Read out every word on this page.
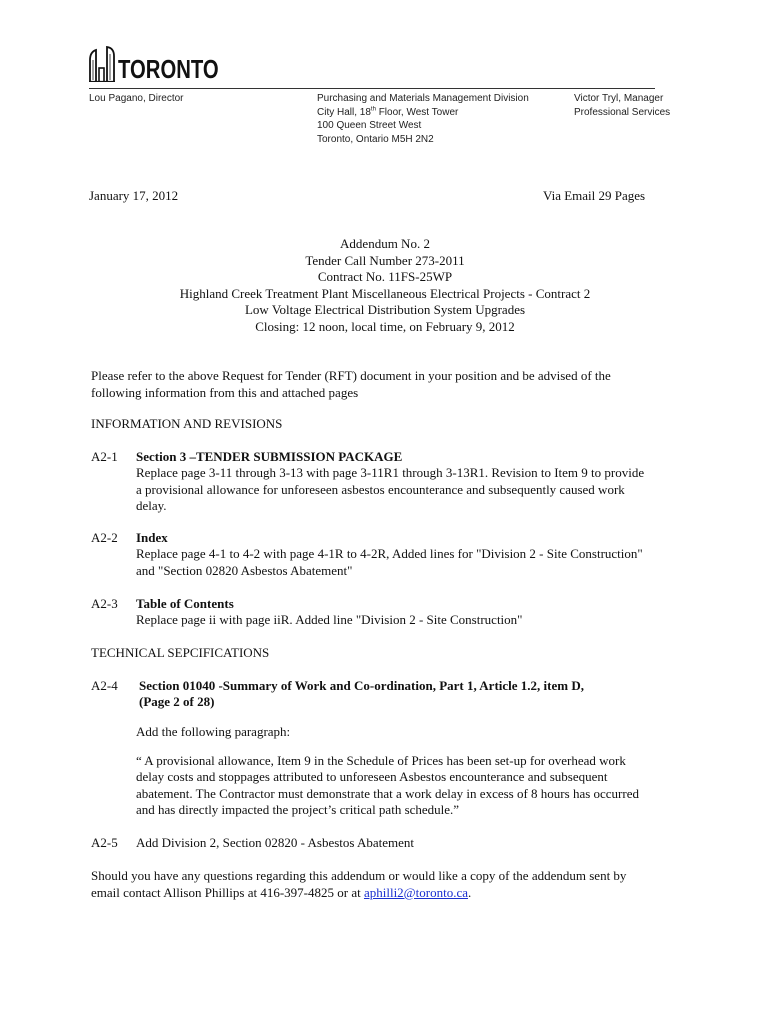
TORONTO
Lou Pagano, Director	Purchasing and Materials Management Division
City Hall, 18th Floor, West Tower
100 Queen Street West
Toronto, Ontario M5H 2N2
Victor Tryl, Manager
Professional Services
January 17, 2012	Via Email 29 Pages
Addendum No. 2
Tender Call Number 273-2011
Contract No. 11FS-25WP
Highland Creek Treatment Plant Miscellaneous Electrical Projects - Contract 2
Low Voltage Electrical Distribution System Upgrades
Closing: 12 noon, local time, on February 9, 2012
Please refer to the above Request for Tender (RFT) document in your position and be advised of the
following information from this and attached pages
INFORMATION AND REVISIONS
A2-1 Section 3 –TENDER SUBMISSION PACKAGE
Replace page 3-11 through 3-13 with page 3-11R1 through 3-13R1. Revision to Item 9 to provide
a provisional allowance for unforeseen asbestos encounterance and subsequently caused work
delay.
A2-2 Index
Replace page 4-1 to 4-2 with page 4-1R to 4-2R, Added lines for "Division 2 - Site Construction"
and "Section 02820 Asbestos Abatement"
A2-3 Table of Contents
Replace page ii with page iiR. Added line "Division 2 - Site Construction"
TECHNICAL SEPCIFICATIONS
A2-4 Section 01040 -Summary of Work and Co-ordination, Part 1, Article 1.2, item D,
(Page 2 of 28)
Add the following paragraph:
“ A provisional allowance, Item 9 in the Schedule of Prices has been set-up for overhead work
delay costs and stoppages attributed to unforeseen Asbestos encounterance and subsequent
abatement. The Contractor must demonstrate that a work delay in excess of 8 hours has occurred
and has directly impacted the project’s critical path schedule.”
A2-5 Add Division 2, Section 02820 - Asbestos Abatement
Should you have any questions regarding this addendum or would like a copy of the addendum sent by
email contact Allison Phillips at 416-397-4825 or at aphilli2@toronto.ca.
